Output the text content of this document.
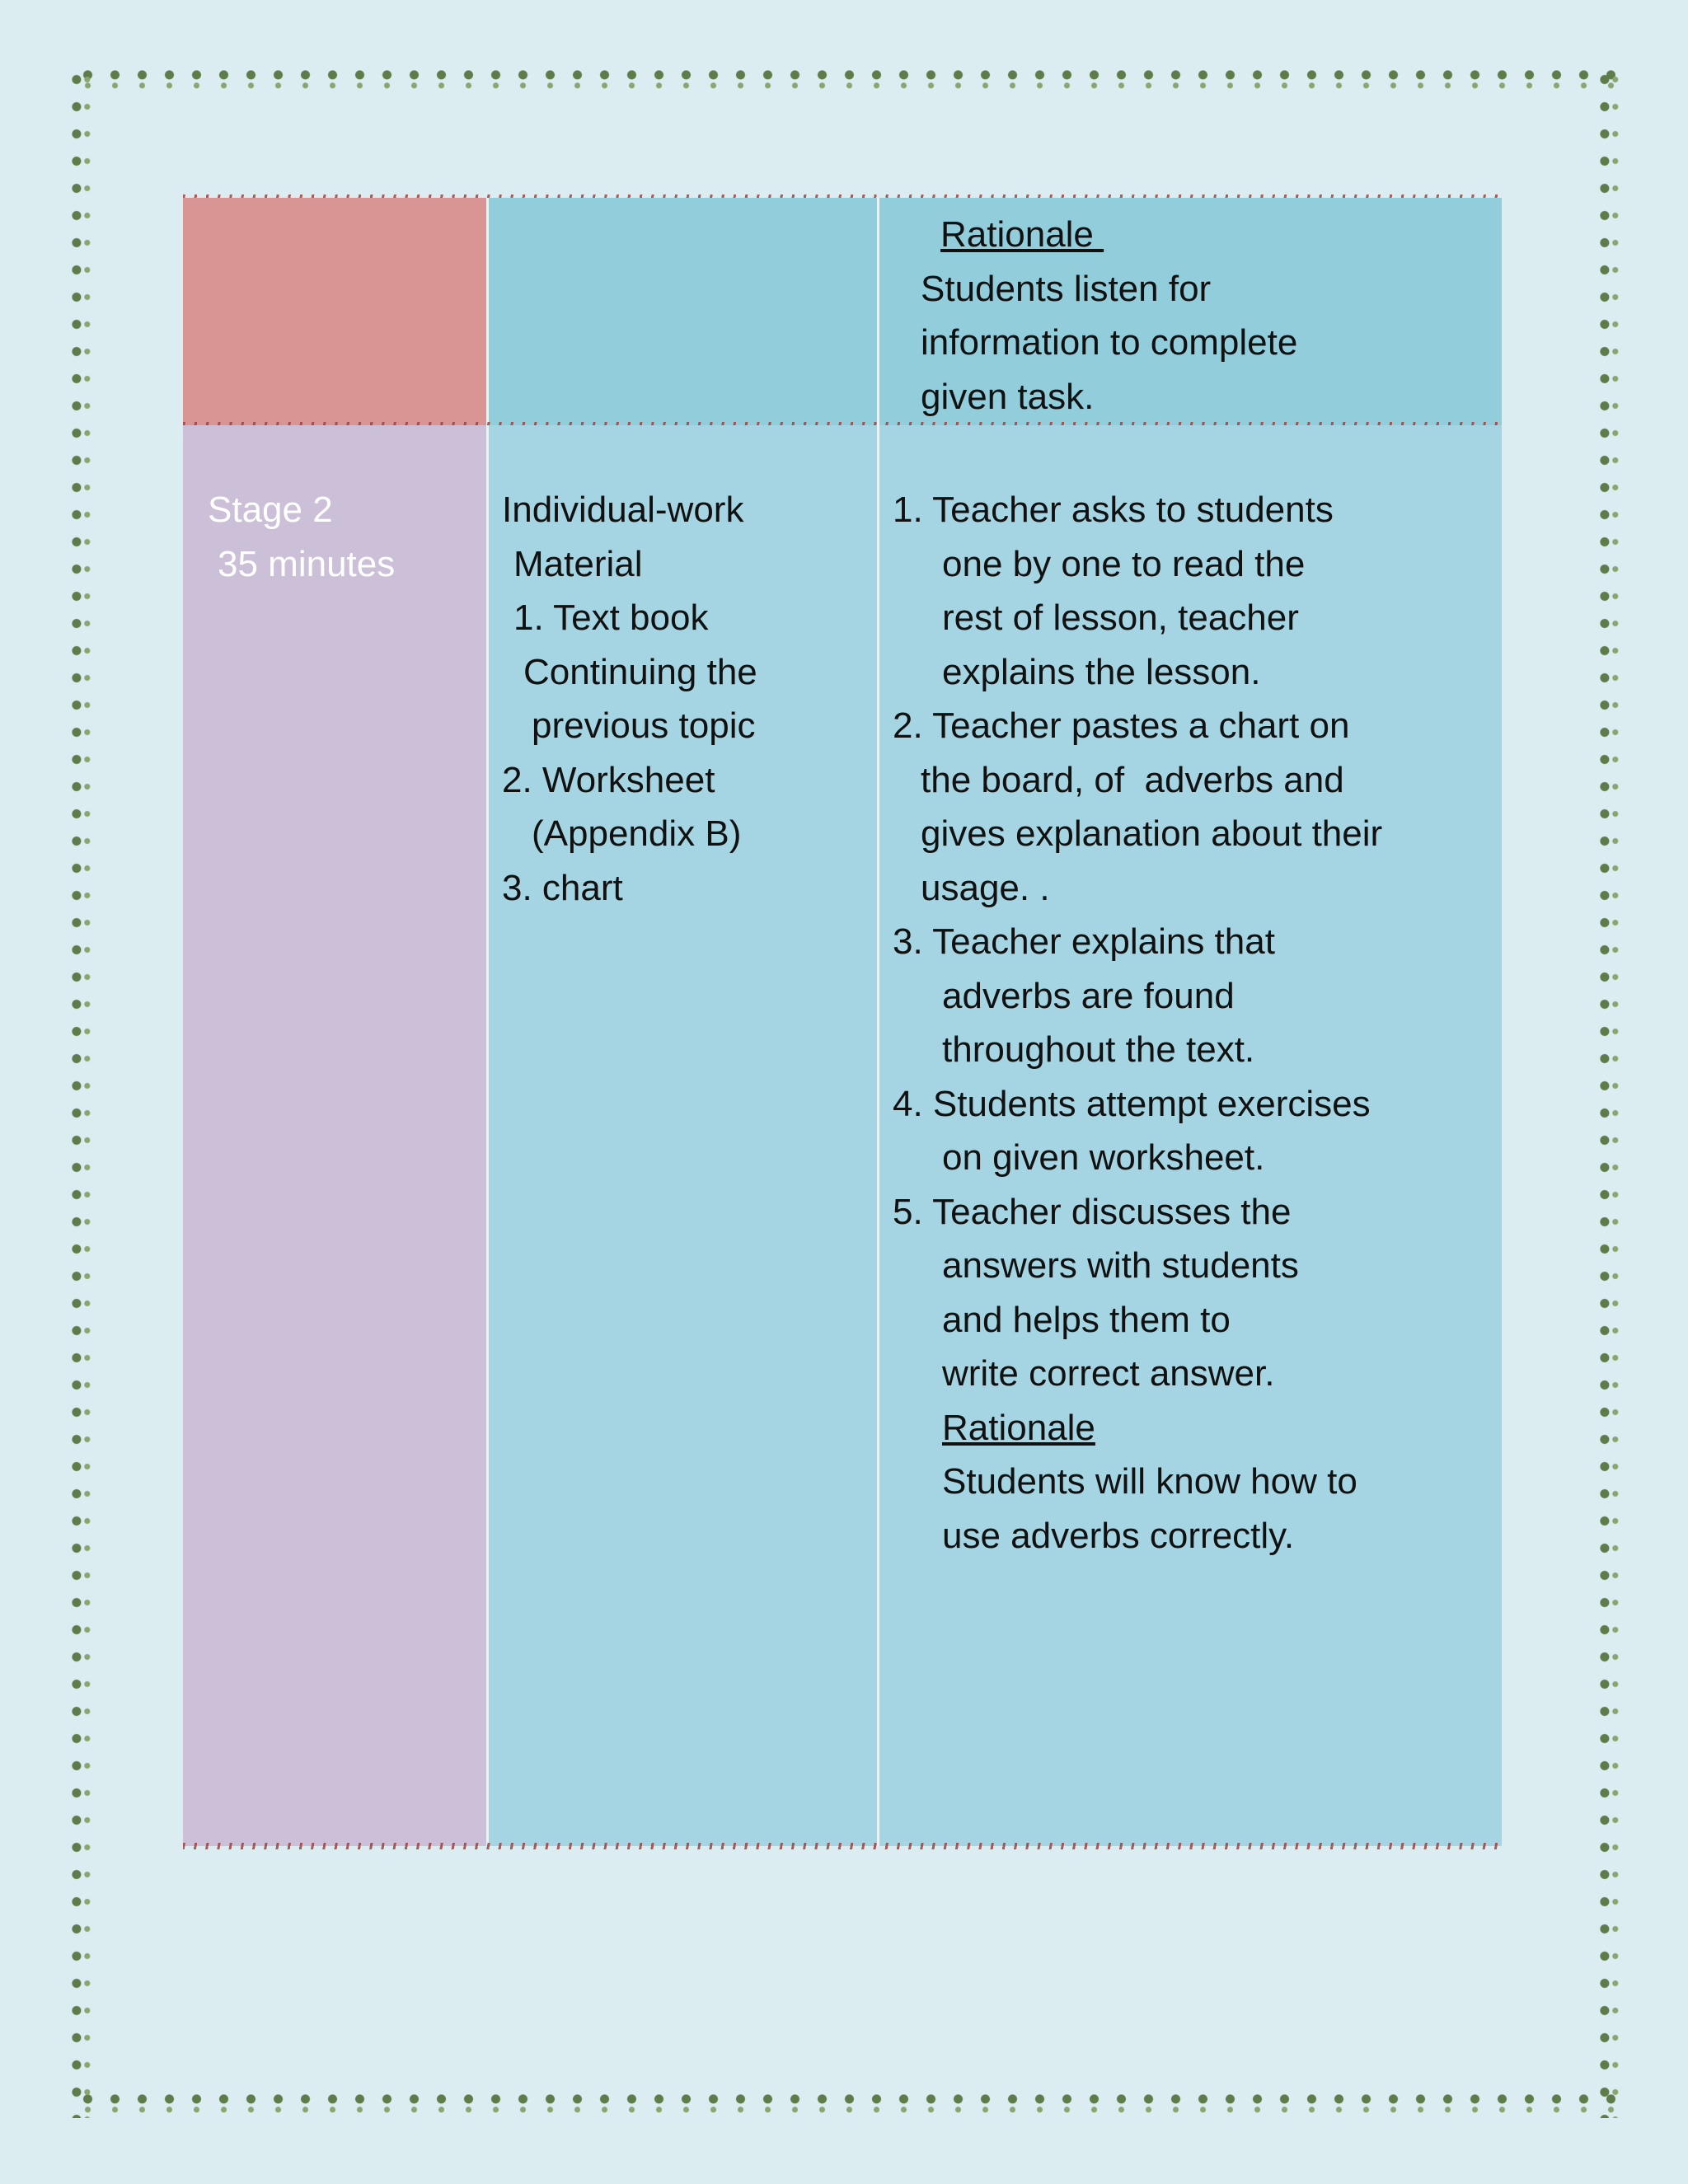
Rationale
Students listen for
information to complete
given task.
Stage 2
35 minutes
Individual-work
Material
1. Text book
Continuing the
previous topic
2. Worksheet
(Appendix B)
3. chart
1. Teacher asks to students
one by one to read the
rest of lesson, teacher
explains the lesson.
2. Teacher pastes a chart on
the board, of  adverbs and
gives explanation about their
usage. .
3. Teacher explains that
adverbs are found
throughout the text.
4. Students attempt exercises
on given worksheet.
5. Teacher discusses the
answers with students
and helps them to
write correct answer.
Rationale
Students will know how to
use adverbs correctly.
